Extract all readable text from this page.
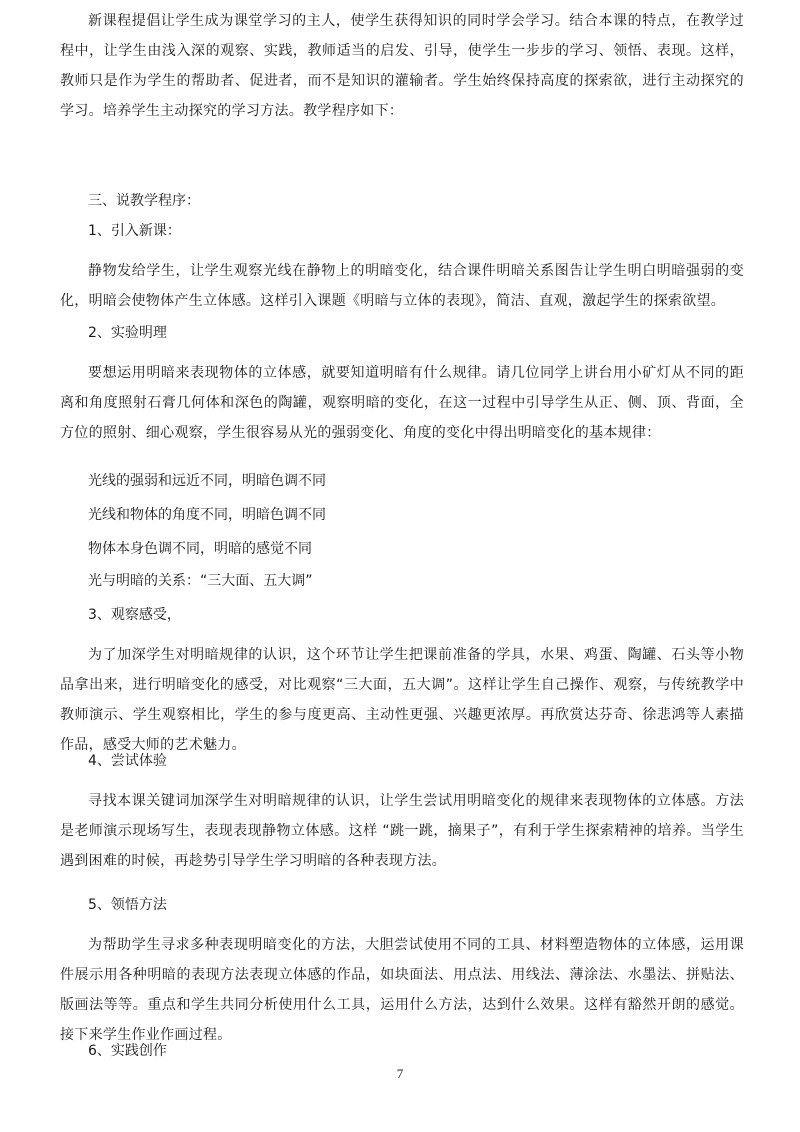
新课程提倡让学生成为课堂学习的主人，使学生获得知识的同时学会学习。结合本课的特点，在教学过程中，让学生由浅入深的观察、实践，教师适当的启发、引导，使学生一步步的学习、领悟、表现。这样，教师只是作为学生的帮助者、促进者，而不是知识的灌输者。学生始终保持高度的探索欲，进行主动探究的学习。培养学生主动探究的学习方法。教学程序如下：

三、说教学程序：

1、引入新课：

静物发给学生，让学生观察光线在静物上的明暗变化，结合课件明暗关系图告让学生明白明暗强弱的变化，明暗会使物体产生立体感。这样引入课题《明暗与立体的表现》，简洁、直观，激起学生的探索欲望。

2、实验明理

要想运用明暗来表现物体的立体感，就要知道明暗有什么规律。请几位同学上讲台用小矿灯从不同的距离和角度照射石膏几何体和深色的陶罐，观察明暗的变化，在这一过程中引导学生从正、侧、顶、背面，全方位的照射、细心观察，学生很容易从光的强弱变化、角度的变化中得出明暗变化的基本规律：

光线的强弱和远近不同，明暗色调不同

光线和物体的角度不同，明暗色调不同

物体本身色调不同，明暗的感觉不同

光与明暗的关系：“三大面、五大调”

3、观察感受，

为了加深学生对明暗规律的认识，这个环节让学生把课前准备的学具，水果、鸡蛋、陶罐、石头等小物品拿出来，进行明暗变化的感受，对比观察“三大面，五大调”。这样让学生自己操作、观察，与传统教学中教师演示、学生观察相比，学生的参与度更高、主动性更强、兴趣更浓厚。再欣赏达芬奇、徐悲鸿等人素描作品，感受大师的艺术魅力。

4、尝试体验

寻找本课关键词加深学生对明暗规律的认识，让学生尝试用明暗变化的规律来表现物体的立体感。方法是老师演示现场写生，表现表现静物立体感。这样 “跳一跳，摘果子”，有利于学生探索精神的培养。当学生遇到困难的时候，再趁势引导学生学习明暗的各种表现方法。

5、领悟方法

为帮助学生寻求多种表现明暗变化的方法，大胆尝试使用不同的工具、材料塑造物体的立体感，运用课件展示用各种明暗的表现方法表现立体感的作品，如块面法、用点法、用线法、薄涂法、水墨法、拼贴法、版画法等等。重点和学生共同分析使用什么工具，运用什么方法，达到什么效果。这样有豁然开朗的感觉。接下来学生作业作画过程。

6、实践创作

7
